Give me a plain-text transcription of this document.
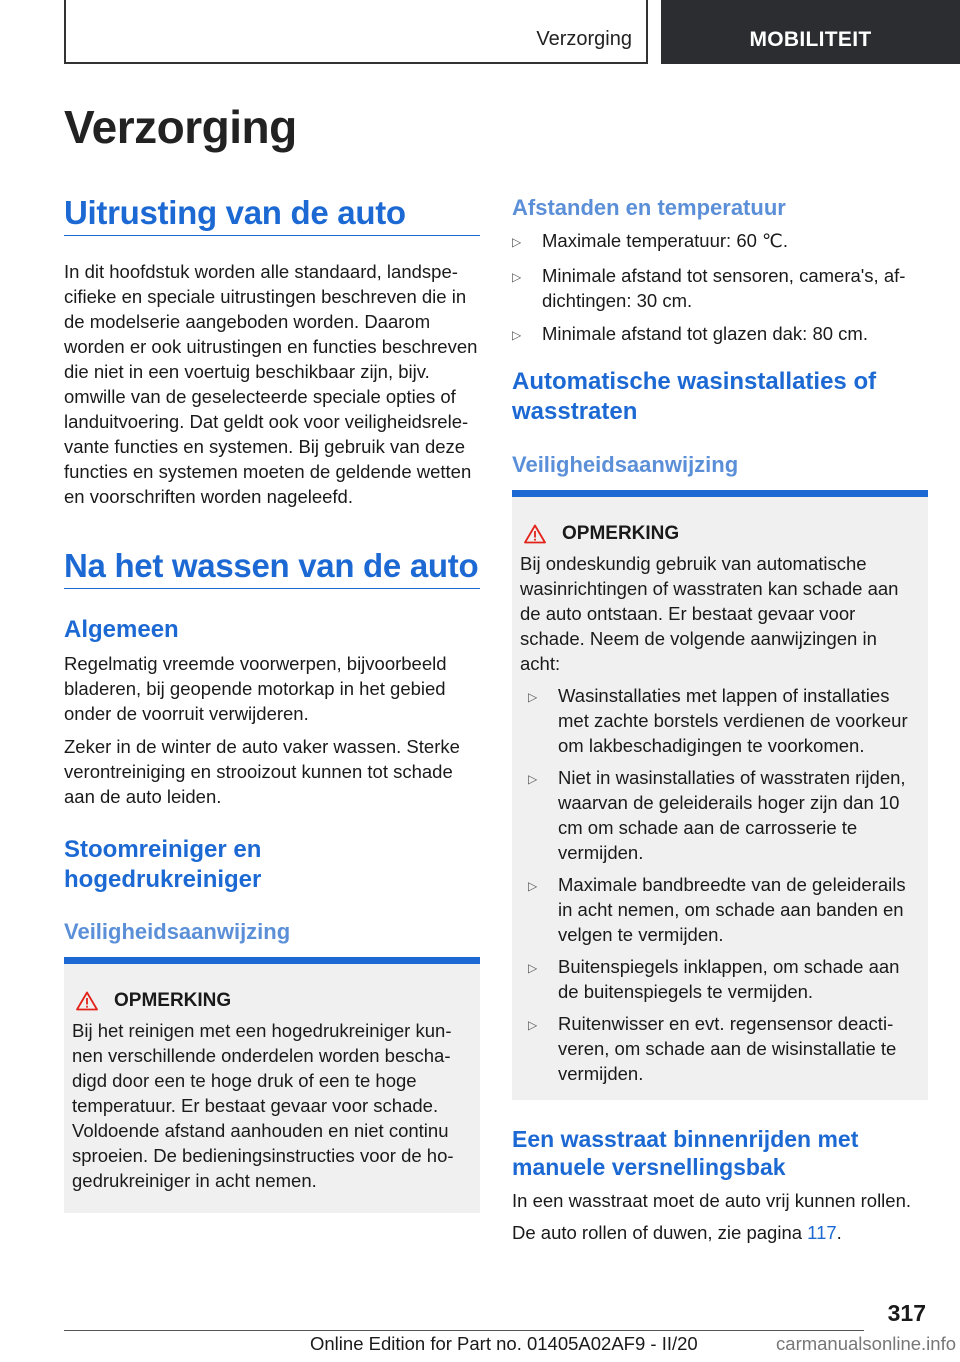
Verzorging	MOBILITEIT
Verzorging
Uitrusting van de auto

In dit hoofdstuk worden alle standaard, landspecifieke en speciale uitrustingen beschreven die in de modelserie aangeboden worden. Daarom worden er ook uitrustingen en functies beschreven die niet in een voertuig beschikbaar zijn, bijv. omwille van de geselecteerde speciale opties of landuitvoering. Dat geldt ook voor veiligheidsrelevante functies en systemen. Bij gebruik van deze functies en systemen moeten de geldende wetten en voorschriften worden nageleefd.

Na het wassen van de auto
Algemeen

Regelmatig vreemde voorwerpen, bijvoorbeeld bladeren, bij geopende motorkap in het gebied onder de voorruit verwijderen.

Zeker in de winter de auto vaker wassen. Sterke verontreiniging en strooizout kunnen tot schade aan de auto leiden.

Stoomreiniger en hogedrukreiniger
Veiligheidsaanwijzing
OPMERKING

Bij het reinigen met een hogedrukreiniger kunnen verschillende onderdelen worden beschadigd door een te hoge druk of een te hoge temperatuur. Er bestaat gevaar voor schade. Voldoende afstand aanhouden en niet continu sproeien. De bedieningsinstructies voor de hogedrukreiniger in acht nemen.

Afstanden en temperatuur
▷	Maximale temperatuur: 60 ℃.
▷	Minimale afstand tot sensoren, camera's, afdichtingen: 30 cm.
▷	Minimale afstand tot glazen dak: 80 cm.
Automatische wasinstallaties of wasstraten
Veiligheidsaanwijzing
OPMERKING

Bij ondeskundig gebruik van automatische wasinrichtingen of wasstraten kan schade aan de auto ontstaan. Er bestaat gevaar voor schade. Neem de volgende aanwijzingen in acht:

▷	Wasinstallaties met lappen of installaties met zachte borstels verdienen de voorkeur om lakbeschadigingen te voorkomen.
▷	Niet in wasinstallaties of wasstraten rijden, waarvan de geleiderails hoger zijn dan 10 cm om schade aan de carrosserie te vermijden.
▷	Maximale bandbreedte van de geleiderails in acht nemen, om schade aan banden en velgen te vermijden.
▷	Buitenspiegels inklappen, om schade aan de buitenspiegels te vermijden.
▷	Ruitenwisser en evt. regensensor deactiveren, om schade aan de wisinstallatie te vermijden.
Een wasstraat binnenrijden met manuele versnellingsbak

In een wasstraat moet de auto vrij kunnen rollen.

De auto rollen of duwen, zie pagina 117.

317
Online Edition for Part no. 01405A02AF9 - II/20	carmanualsonline.info
